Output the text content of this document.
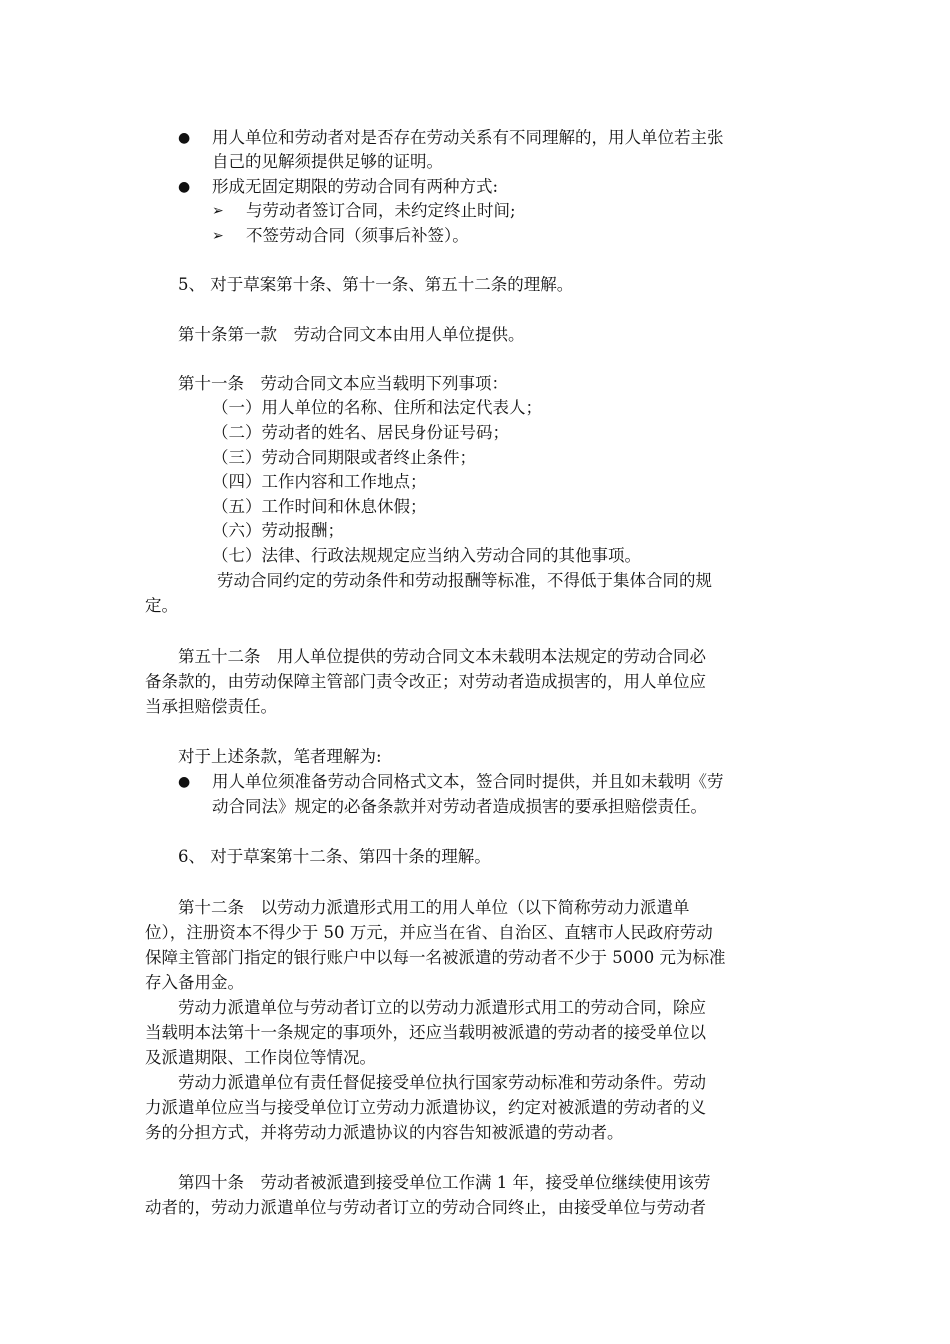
● 用人单位和劳动者对是否存在劳动关系有不同理解的，用人单位若主张
自己的见解须提供足够的证明。
● 形成无固定期限的劳动合同有两种方式:
➢ 与劳动者签订合同，未约定终止时间;
➢ 不签劳动合同（须事后补签）。
5、 对于草案第十条、第十一条、第五十二条的理解。
第十条第一款　劳动合同文本由用人单位提供。
第十一条　劳动合同文本应当载明下列事项：
（一）用人单位的名称、住所和法定代表人；
（二）劳动者的姓名、居民身份证号码；
（三）劳动合同期限或者终止条件；
（四）工作内容和工作地点；
（五）工作时间和休息休假；
（六）劳动报酬；
（七）法律、行政法规规定应当纳入劳动合同的其他事项。
劳动合同约定的劳动条件和劳动报酬等标准，不得低于集体合同的规
定。
第五十二条　用人单位提供的劳动合同文本未载明本法规定的劳动合同必
备条款的，由劳动保障主管部门责令改正；对劳动者造成损害的，用人单位应
当承担赔偿责任。
对于上述条款，笔者理解为:
● 用人单位须准备劳动合同格式文本，签合同时提供，并且如未载明《劳
动合同法》规定的必备条款并对劳动者造成损害的要承担赔偿责任。
6、 对于草案第十二条、第四十条的理解。
第十二条　以劳动力派遣形式用工的用人单位（以下简称劳动力派遣单
位），注册资本不得少于 50 万元，并应当在省、自治区、直辖市人民政府劳动
保障主管部门指定的银行账户中以每一名被派遣的劳动者不少于 5000 元为标准
存入备用金。
劳动力派遣单位与劳动者订立的以劳动力派遣形式用工的劳动合同，除应
当载明本法第十一条规定的事项外，还应当载明被派遣的劳动者的接受单位以
及派遣期限、工作岗位等情况。
劳动力派遣单位有责任督促接受单位执行国家劳动标准和劳动条件。劳动
力派遣单位应当与接受单位订立劳动力派遣协议，约定对被派遣的劳动者的义
务的分担方式，并将劳动力派遣协议的内容告知被派遣的劳动者。
第四十条　劳动者被派遣到接受单位工作满 1 年，接受单位继续使用该劳
动者的，劳动力派遣单位与劳动者订立的劳动合同终止，由接受单位与劳动者
